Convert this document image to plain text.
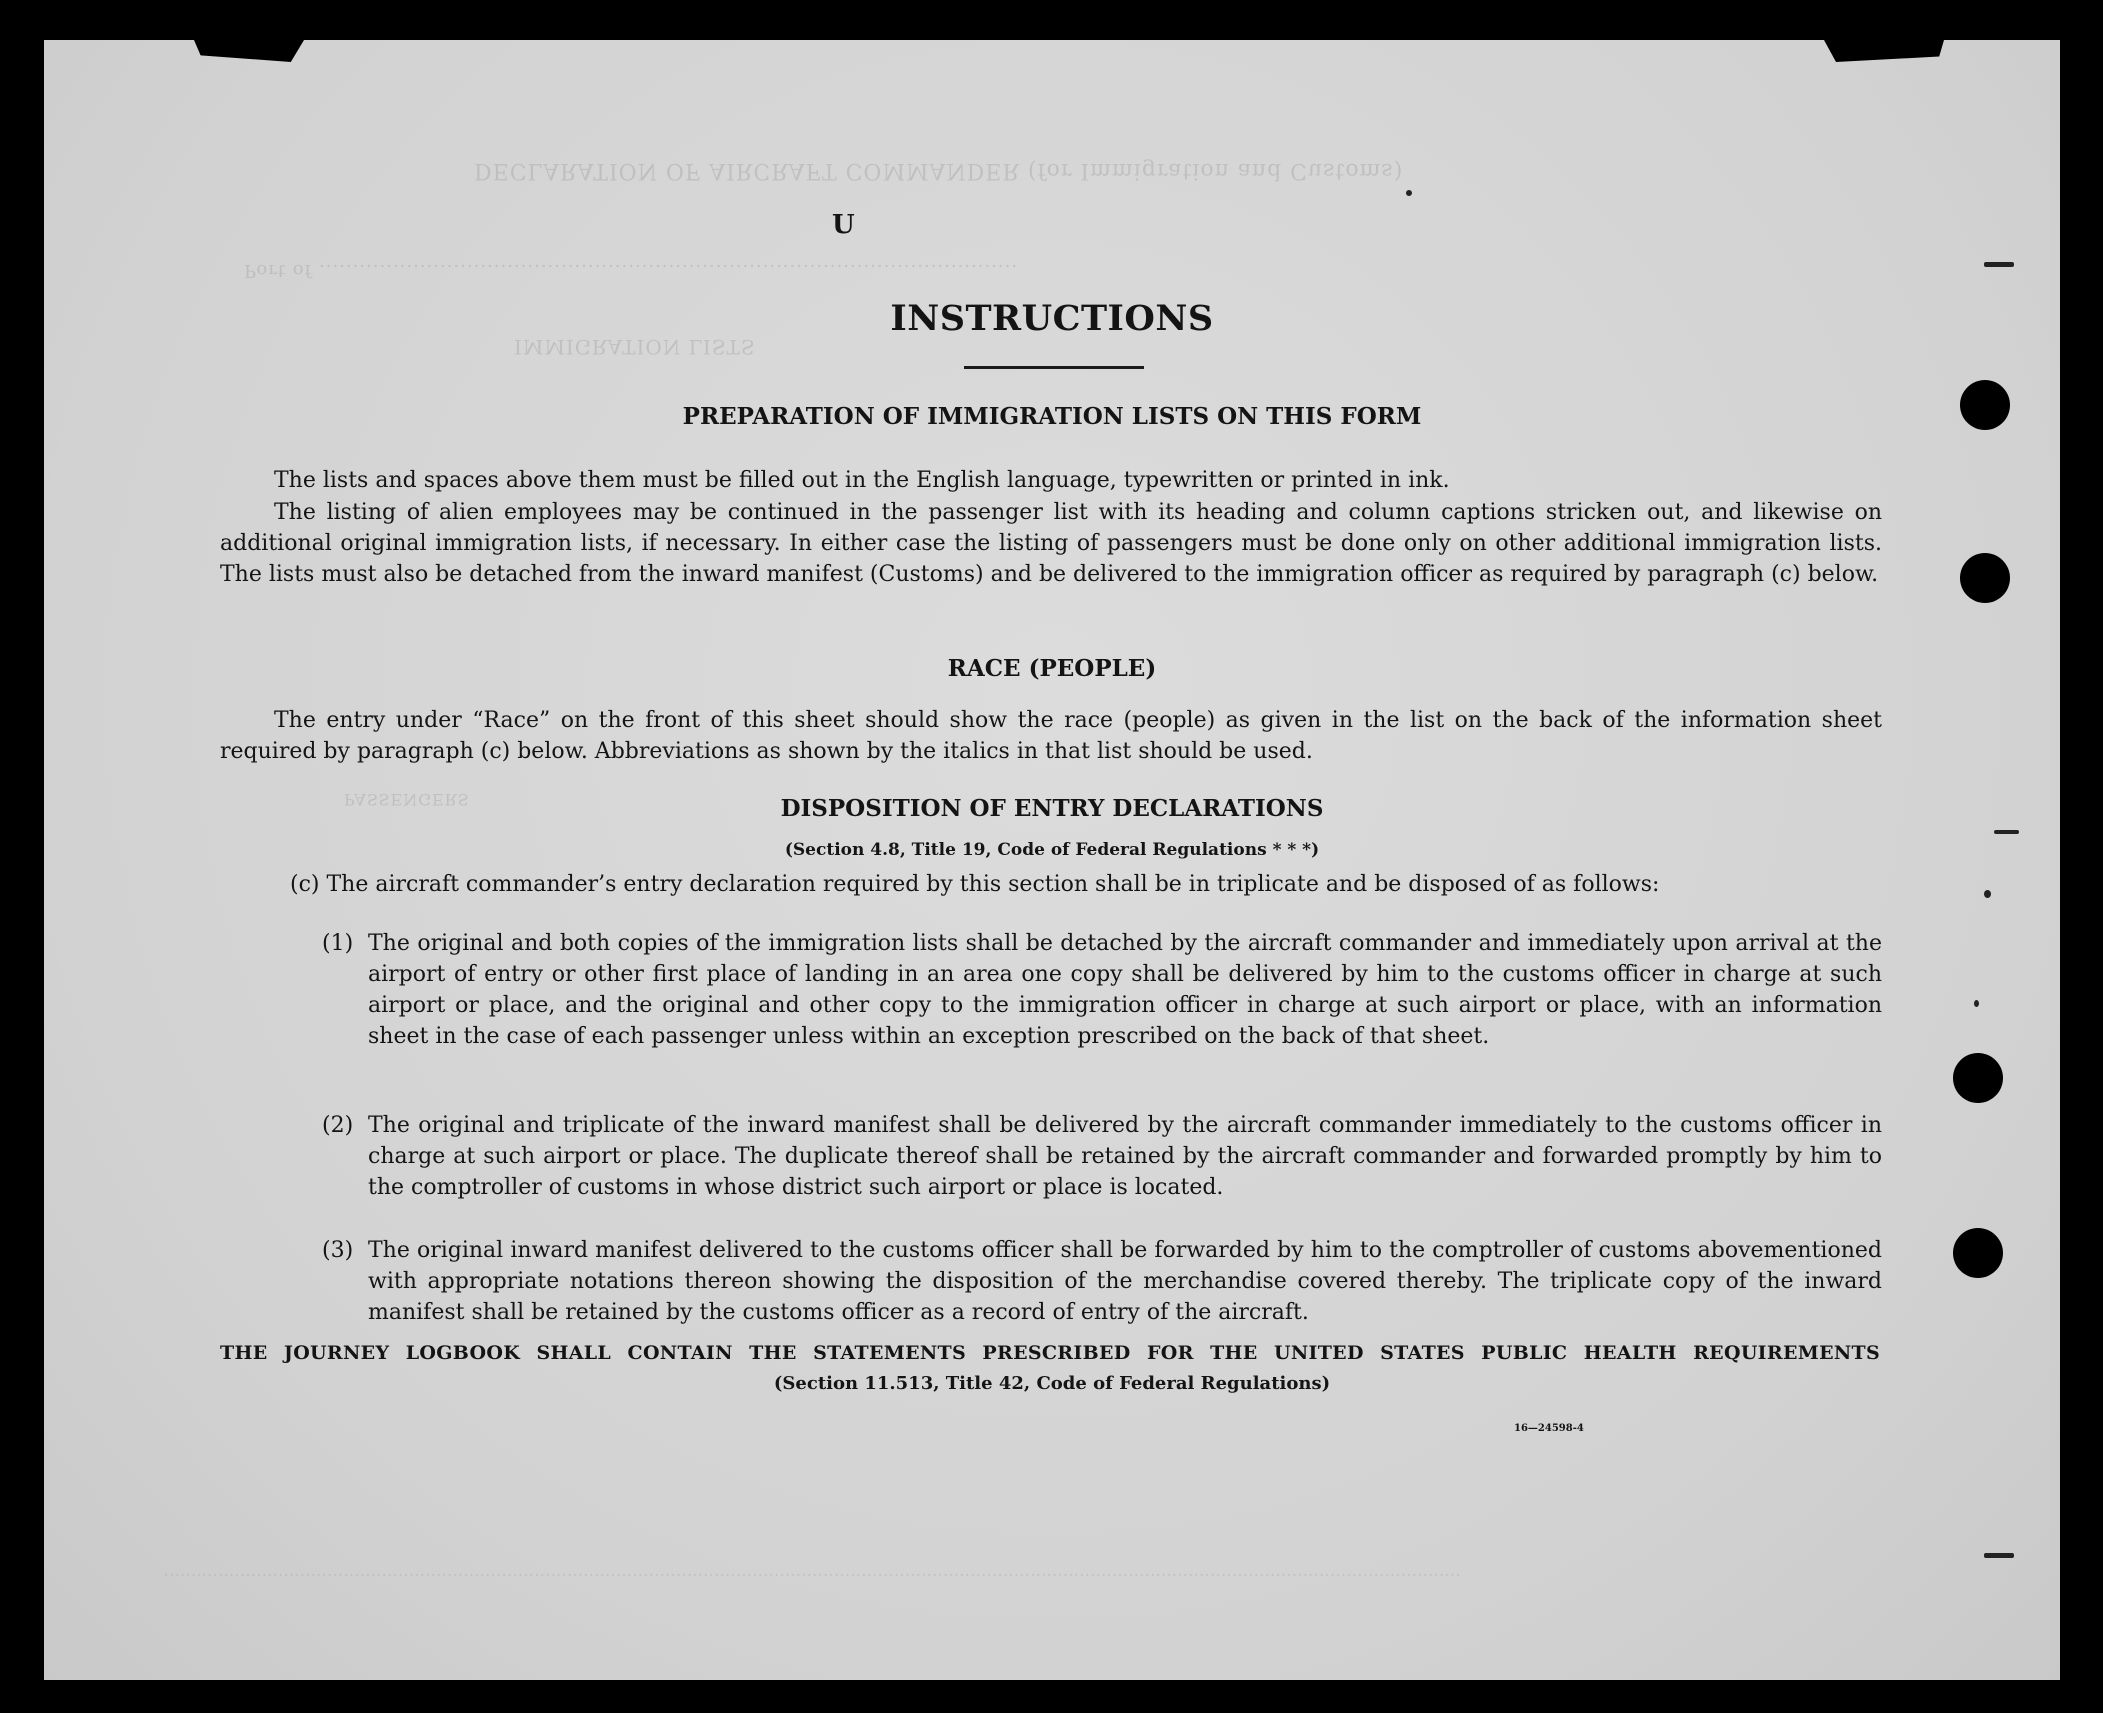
DECLARATION OF AIRCRAFT COMMANDER (for Immigration and Customs)
Port of ........................................................................................................
IMMIGRATION LISTS
PASSENGERS
..............................................................................................................................................................................................................................................
U
INSTRUCTIONS
PREPARATION OF IMMIGRATION LISTS ON THIS FORM
The lists and spaces above them must be filled out in the English language, typewritten or printed in ink.
The listing of alien employees may be continued in the passenger list with its heading and column captions stricken out, and likewise on additional original immigration lists, if necessary. In either case the listing of passengers must be done only on other additional immigration lists. The lists must also be detached from the inward manifest (Customs) and be delivered to the immigration officer as required by paragraph (c) below.
RACE (PEOPLE)
The entry under “Race” on the front of this sheet should show the race (people) as given in the list on the back of the information sheet required by paragraph (c) below. Abbreviations as shown by the italics in that list should be used.
DISPOSITION OF ENTRY DECLARATIONS
(Section 4.8, Title 19, Code of Federal Regulations * * *)
(c) The aircraft commander’s entry declaration required by this section shall be in triplicate and be disposed of as follows:
(1) The original and both copies of the immigration lists shall be detached by the aircraft commander and immediately upon arrival at the airport of entry or other first place of landing in an area one copy shall be delivered by him to the customs officer in charge at such airport or place, and the original and other copy to the immigration officer in charge at such airport or place, with an information sheet in the case of each passenger unless within an exception prescribed on the back of that sheet.
(2) The original and triplicate of the inward manifest shall be delivered by the aircraft commander immediately to the customs officer in charge at such airport or place. The duplicate thereof shall be retained by the aircraft commander and forwarded promptly by him to the comptroller of customs in whose district such airport or place is located.
(3) The original inward manifest delivered to the customs officer shall be forwarded by him to the comptroller of customs abovementioned with appropriate notations thereon showing the disposition of the merchandise covered thereby. The triplicate copy of the inward manifest shall be retained by the customs officer as a record of entry of the aircraft.
THE JOURNEY LOGBOOK SHALL CONTAIN THE STATEMENTS PRESCRIBED FOR THE UNITED STATES PUBLIC HEALTH REQUIREMENTS
(Section 11.513, Title 42, Code of Federal Regulations)
16—24598-4
